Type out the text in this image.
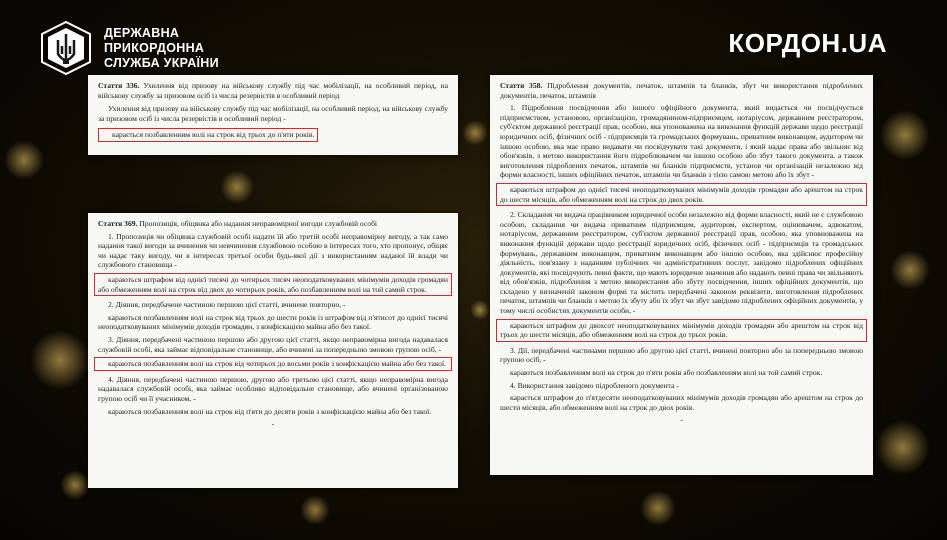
ДЕРЖАВНА
ПРИКОРДОННА
СЛУЖБА УКРАЇНИ
КОРДОН.UA

Стаття 336. Ухилення від призову на військову службу під час мобілізації, на особливий період, на військову службу за призовом осіб із числа резервістів в особливий період

Ухилення від призову на військову службу під час мобілізації, на особливий період, на військову службу за призовом осіб із числа резервістів в особливий період -

карається позбавленням волі на строк від трьох до п'яти років.

Стаття 369. Пропозиція, обіцянка або надання неправомірної вигоди службовій особі

1. Пропозиція чи обіцянка службовій особі надати їй або третій особі неправомірну вигоду, а так само надання такої вигоди за вчинення чи невчинення службовою особою в інтересах того, хто пропонує, обіцяє чи надає таку вигоду, чи в інтересах третьої особи будь-якої дії з використанням наданої їй влади чи службового становища -

караються штрафом від однієї тисячі до чотирьох тисяч неоподатковуваних мінімумів доходів громадян або обмеженням волі на строк від двох до чотирьох років, або позбавленням волі на той самий строк.

2. Діяння, передбачене частиною першою цієї статті, вчинене повторно, -

караються позбавленням волі на строк від трьох до шести років із штрафом від п'ятисот до однієї тисячі неоподатковуваних мінімумів доходів громадян, з конфіскацією майна або без такої.

3. Діяння, передбачені частиною першою або другою цієї статті, якщо неправомірна вигода надавалася службовій особі, яка займає відповідальне становище, або вчинені за попередньою змовою групою осіб, -

караються позбавленням волі на строк від чотирьох до восьми років з конфіскацією майна або без такої.

4. Діяння, передбачені частиною першою, другою або третьою цієї статті, якщо неправомірна вигода надавалася службовій особі, яка займає особливо відповідальне становище, або вчинені організованою групою осіб чи її учасником, -

караються позбавленням волі на строк від п'яти до десяти років з конфіскацією майна або без такої.

-

Стаття 358. Підроблення документів, печаток, штампів та бланків, збут чи використання підроблених документів, печаток, штампів

1. Підроблення посвідчення або іншого офіційного документа, який видається чи посвідчується підприємством, установою, організацією, громадянином-підприємцем, нотаріусом, державним реєстратором, суб'єктом державної реєстрації прав, особою, яка упоноважена на виконання функцій держави щодо реєстрації юридичних осіб, фізичних осіб - підприємців та громадських формувань, приватним виконавцем, аудитором чи іншою особою, яка має право видавати чи посвідчувати такі документи, і який надає права або звільняє від обов'язків, з метою використання його підроблювачем чи іншою особою або збут такого документа, а також виготовлення підроблених печаток, штампів чи бланків підприємств, установ чи організацій незалежно від форми власності, інших офіційних печаток, штампів чи бланків з тією самою метою або їх збут -

караються штрафом до однієї тисячі неоподатковуваних мінімумів доходів громадян або арештом на строк до шести місяців, або обмеженням волі на строк до двох років.

2. Складання чи видача працівником юридичної особи незалежно від форми власності, який не є службовою особою, складання чи видача приватним підприємцем, аудитором, експертом, оцінювачем, адвокатом, нотаріусом, державним реєстратором, суб'єктом державної реєстрації прав, особою, яка уповноважена на виконання функцій держави щодо реєстрації юридичних осіб, фізичних осіб - підприємців та громадських формувань, державним виконавцем, приватним виконавцем або іншою особою, яка здійснює професійну діяльність, пов'язану з наданням публічних чи адміністративних послуг, завідомо підроблених офіційних документів, які посвідчують певні факти, що мають юридичне значення або надають певні права чи звільняють від обов'язків, підроблення з метою використання або збуту посвідчення, інших офіційних документів, що складено у визначеній законом формі та містить передбачені законом реквізити, виготовлення підроблених печаток, штампів чи бланків з метою їх збуту або їх збут чи збут завідомо підроблених офіційних документів, у тому числі особистих документів особи, -

караються штрафом до двохсот неоподатковуваних мінімумів доходів громадян або арештом на строк від трьох до шести місяців, або обмеженням волі на строк до трьох років.

3. Дії, передбачені частинами першою або другою цієї статті, вчинені повторно або за попередньою змовою групою осіб, -

караються позбавленням волі на строк до п'яти років або позбавленням волі на той самий строк.

4. Використання завідомо підробленого документа -

карається штрафом до п'ятдесяти неоподатковуваних мінімумів доходів громадян або арештом на строк до шести місяців, або обмеженням волі на строк до двох років.

-
